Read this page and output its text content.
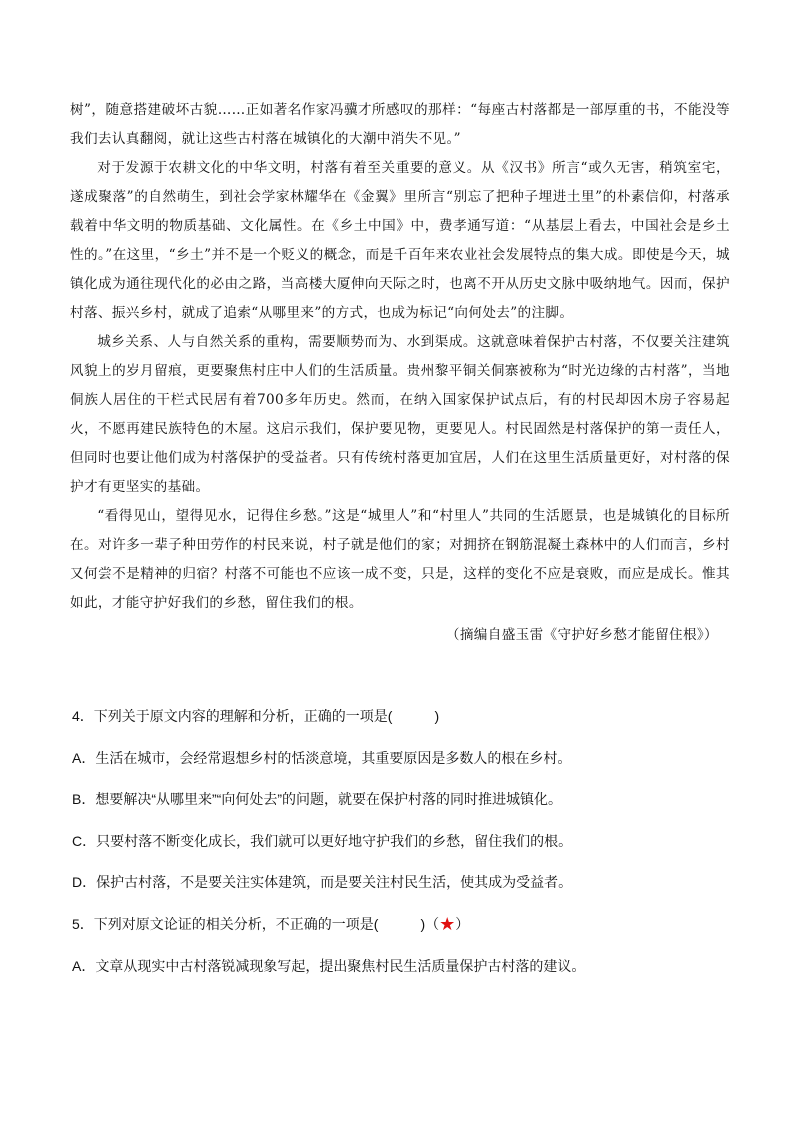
树”，随意搭建破坏古貌……正如著名作家冯骥才所感叹的那样：“每座古村落都是一部厚重的书，不能没等我们去认真翻阅，就让这些古村落在城镇化的大潮中消失不见。”

对于发源于农耕文化的中华文明，村落有着至关重要的意义。从《汉书》所言“或久无害，稍筑室宅，遂成聚落”的自然萌生，到社会学家林耀华在《金翼》里所言“别忘了把种子埋进土里”的朴素信仰，村落承载着中华文明的物质基础、文化属性。在《乡土中国》中，费孝通写道：“从基层上看去，中国社会是乡土性的。”在这里，“乡土”并不是一个贬义的概念，而是千百年来农业社会发展特点的集大成。即使是今天，城镇化成为通往现代化的必由之路，当高楼大厦伸向天际之时，也离不开从历史文脉中吸纳地气。因而，保护村落、振兴乡村，就成了追索“从哪里来”的方式，也成为标记“向何处去”的注脚。

城乡关系、人与自然关系的重构，需要顺势而为、水到渠成。这就意味着保护古村落，不仅要关注建筑风貌上的岁月留痕，更要聚焦村庄中人们的生活质量。贵州黎平铜关侗寨被称为“时光边缘的古村落”，当地侗族人居住的干栏式民居有着700多年历史。然而，在纳入国家保护试点后，有的村民却因木房子容易起火，不愿再建民族特色的木屋。这启示我们，保护要见物，更要见人。村民固然是村落保护的第一责任人，但同时也要让他们成为村落保护的受益者。只有传统村落更加宜居，人们在这里生活质量更好，对村落的保护才有更坚实的基础。

“看得见山，望得见水，记得住乡愁。”这是“城里人”和“村里人”共同的生活愿景，也是城镇化的目标所在。对许多一辈子种田劳作的村民来说，村子就是他们的家；对拥挤在钢筋混凝土森林中的人们而言，乡村又何尝不是精神的归宿？村落不可能也不应该一成不变，只是，这样的变化不应是衰败，而应是成长。惟其如此，才能守护好我们的乡愁，留住我们的根。

（摘编自盛玉雷《守护好乡愁才能留住根》）

4．下列关于原文内容的理解和分析，正确的一项是(　　　)
A．生活在城市，会经常遐想乡村的恬淡意境，其重要原因是多数人的根在乡村。
B．想要解决“从哪里来”“向何处去”的问题，就要在保护村落的同时推进城镇化。
C．只要村落不断变化成长，我们就可以更好地守护我们的乡愁，留住我们的根。
D．保护古村落，不是要关注实体建筑，而是要关注村民生活，使其成为受益者。
5．下列对原文论证的相关分析，不正确的一项是(　　　)（★）
A．文章从现实中古村落锐减现象写起，提出聚焦村民生活质量保护古村落的建议。
